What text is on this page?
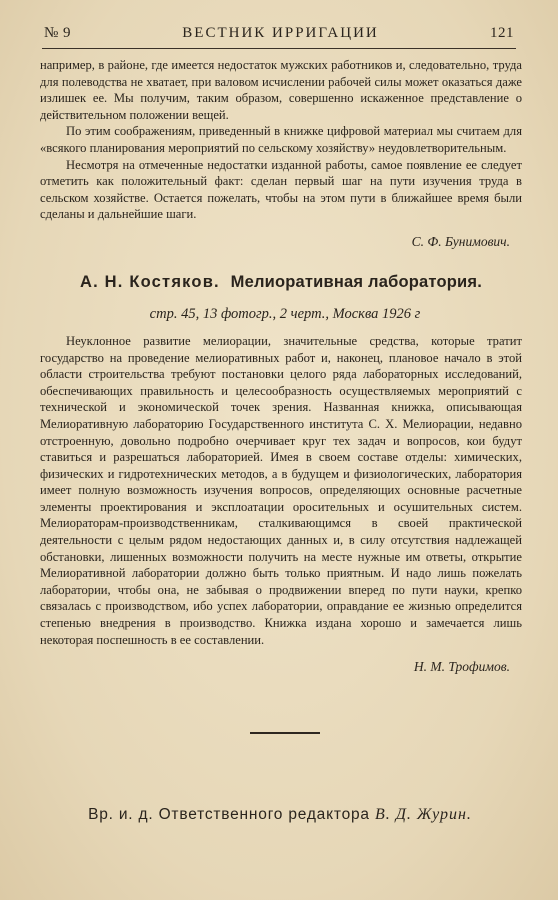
№ 9	ВЕСТНИК ИРРИГАЦИИ	121

например, в районе, где имеется недостаток мужских работников и, следовательно, труда для полеводства не хватает, при валовом исчислении рабочей силы может оказаться даже излишек ее. Мы получим, таким образом, совершенно искаженное представление о действительном положении вещей.

По этим соображениям, приведенный в книжке цифровой материал мы считаем для «всякого планирования мероприятий по сельскому хозяйству» неудовлетворительным.

Несмотря на отмеченные недостатки изданной работы, самое появление ее следует отметить как положительный факт: сделан первый шаг на пути изучения труда в сельском хозяйстве. Остается пожелать, чтобы на этом пути в ближайшее время были сделаны и дальнейшие шаги.

С. Ф. Бунимович.
А. Н. Костяков. Мелиоративная лаборатория.
стр. 45, 13 фотогр., 2 черт., Москва 1926 г

Неуклонное развитие мелиорации, значительные средства, которые тратит государство на проведение мелиоративных работ и, наконец, плановое начало в этой области строительства требуют постановки целого ряда лабораторных исследований, обеспечивающих правильность и целесообразность осуществляемых мероприятий с технической и экономической точек зрения. Названная книжка, описывающая Мелиоративную лабораторию Государственного института С. Х. Мелиорации, недавно отстроенную, довольно подробно очерчивает круг тех задач и вопросов, кои будут ставиться и разрешаться лабораторией. Имея в своем составе отделы: химических, физических и гидротехнических методов, а в будущем и физиологических, лаборатория имеет полную возможность изучения вопросов, определяющих основные расчетные элементы проектирования и эксплоатации оросительных и осушительных систем. Мелиораторам-производственникам, сталкивающимся в своей практической деятельности с целым рядом недостающих данных и, в силу отсутствия надлежащей обстановки, лишенных возможности получить на месте нужные им ответы, открытие Мелиоративной лаборатории должно быть только приятным. И надо лишь пожелать лаборатории, чтобы она, не забывая о продвижении вперед по пути науки, крепко связалась с производством, ибо успех лаборатории, оправдание ее жизнью определится степенью внедрения в производство. Книжка издана хорошо и замечается лишь некоторая поспешность в ее составлении.

Н. М. Трофимов.
Вр. и. д. Ответственного редактора В. Д. Журин.
